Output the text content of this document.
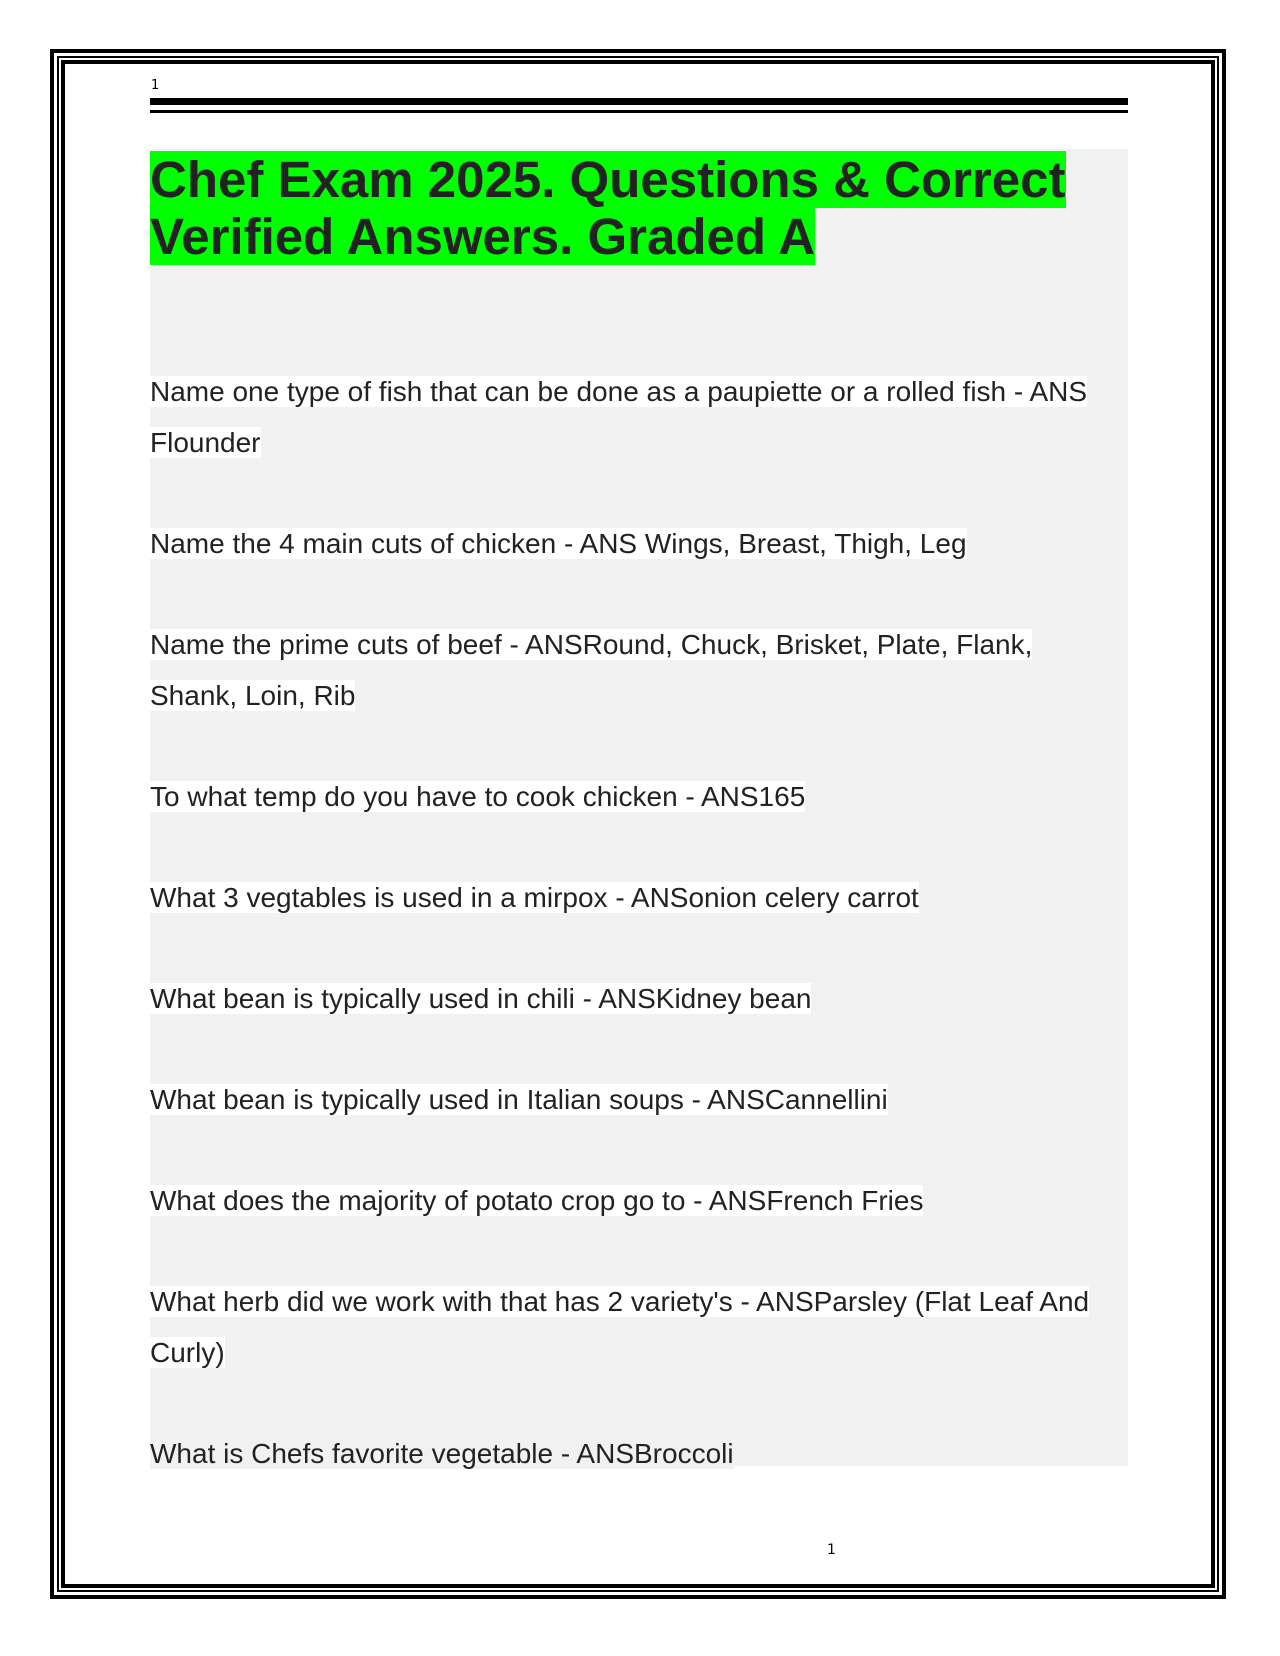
1
Chef Exam 2025. Questions & Correct Verified Answers. Graded A

Name one type of fish that can be done as a paupiette or a rolled fish - ANS Flounder

Name the 4 main cuts of chicken - ANS Wings, Breast, Thigh, Leg

Name the prime cuts of beef - ANSRound, Chuck, Brisket, Plate, Flank, Shank, Loin, Rib

To what temp do you have to cook chicken - ANS165

What 3 vegtables is used in a mirpox - ANSonion celery carrot

What bean is typically used in chili - ANSKidney bean

What bean is typically used in Italian soups - ANSCannellini

What does the majority of potato crop go to - ANSFrench Fries

What herb did we work with that has 2 variety's - ANSParsley (Flat Leaf And Curly)

What is Chefs favorite vegetable - ANSBroccoli

1
